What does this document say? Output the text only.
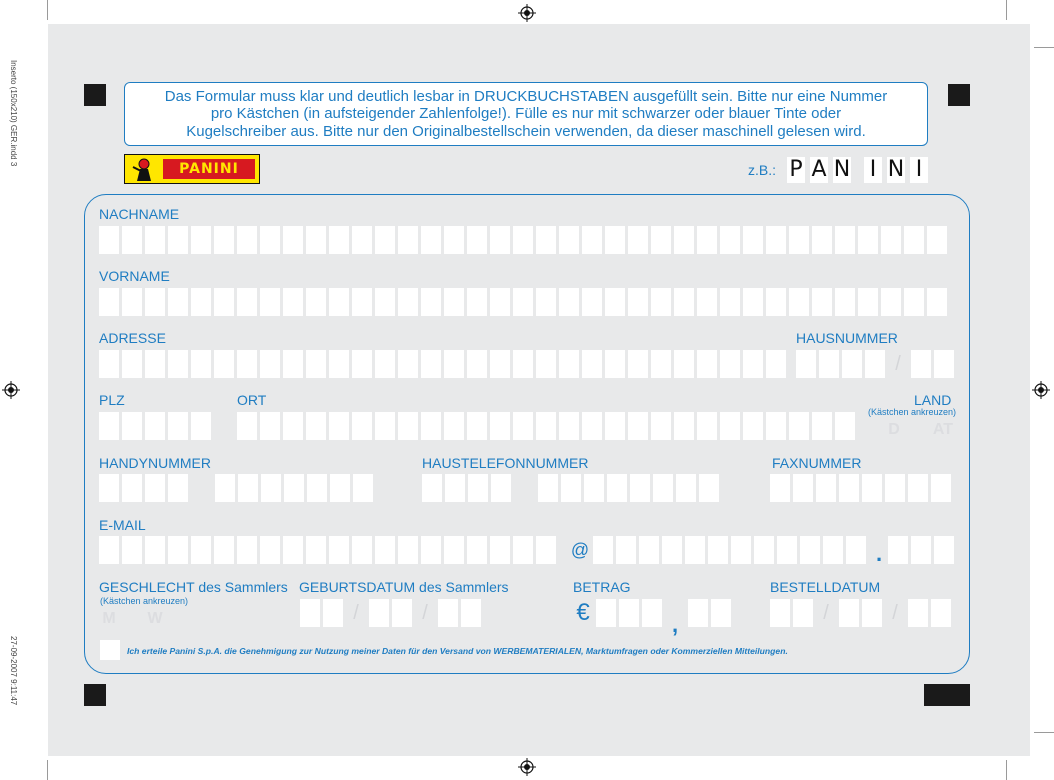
Inserto (150x210) GER.indd 3
27-09-2007 9:11:47
Das Formular muss klar und deutlich lesbar in DRUCKBUCHSTABEN ausgefüllt sein. Bitte nur eine Nummer
pro Kästchen (in aufsteigender Zahlenfolge!). Fülle es nur mit schwarzer oder blauer Tinte oder
Kugelschreiber aus. Bitte nur den Originalbestellschein verwenden, da dieser maschinell gelesen wird.
PANINI	z.B.: P A N I N I
NACHNAME
VORNAME
ADRESSE	HAUSNUMMER
/
PLZ	ORT	LAND
(Kästchen ankreuzen)
D AT
HANDYNUMMER	HAUSTELEFONNUMMER	FAXNUMMER
E-MAIL
@	.
GESCHLECHT des Sammlers
(Kästchen ankreuzen)
M W
GEBURTSDATUM des Sammlers
/	/
BETRAG
€	,
BESTELLDATUM
/	/
Ich erteile Panini S.p.A. die Genehmigung zur Nutzung meiner Daten für den Versand von WERBEMATERIALEN, Marktumfragen oder Kommerziellen Mitteilungen.
